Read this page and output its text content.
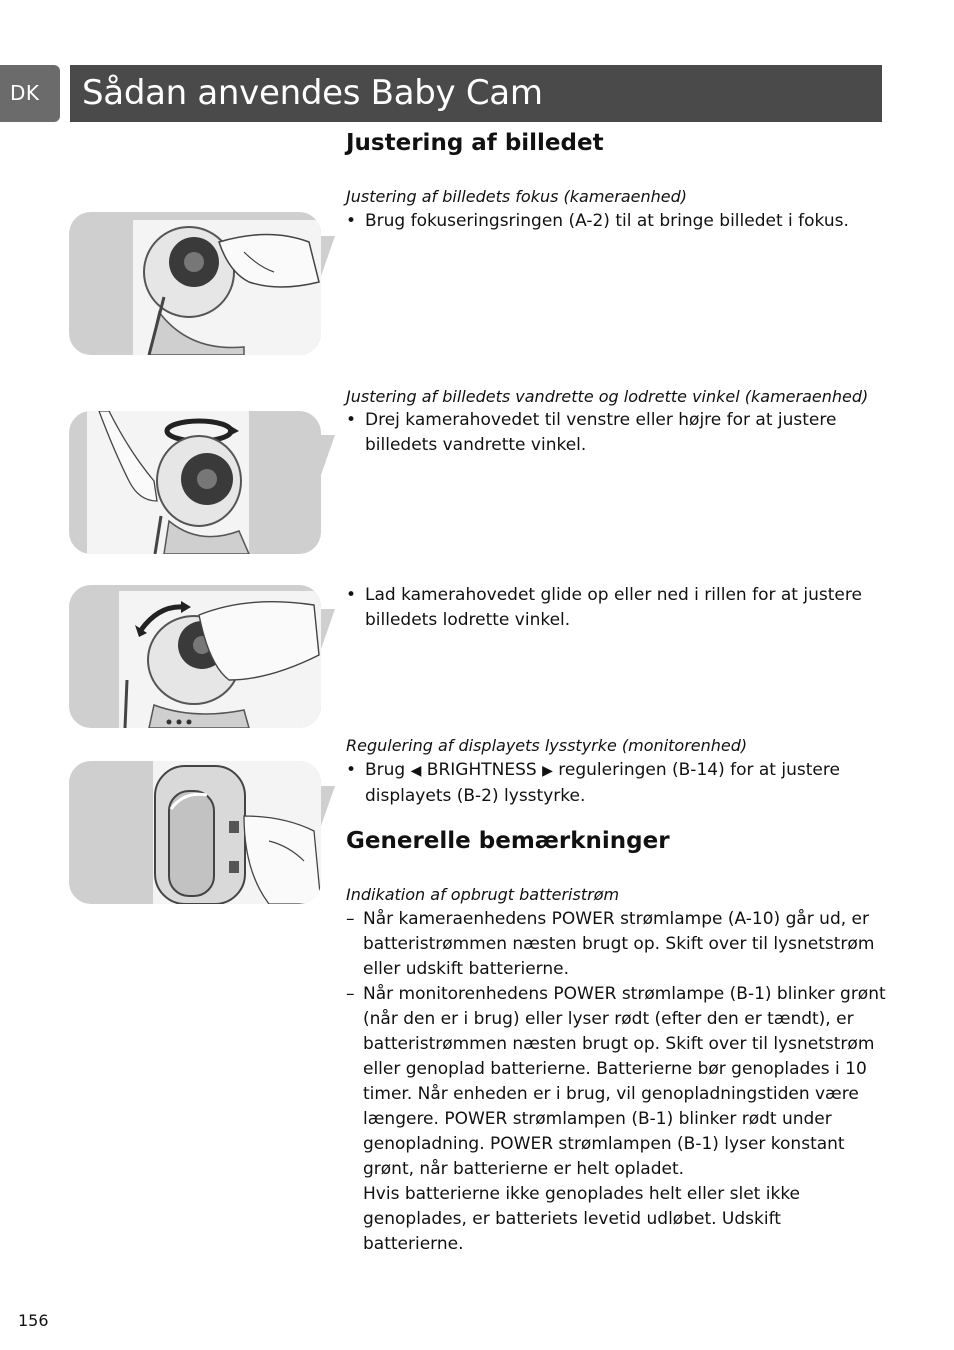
DK Sådan anvendes Baby Cam
Justering af billedet
Justering af billedets fokus (kameraenhed)
• Brug fokuseringsringen (A-2) til at bringe billedet i fokus.
Justering af billedets vandrette og lodrette vinkel (kameraenhed)
• Drej kamerahovedet til venstre eller højre for at justere billedets vandrette vinkel.
• Lad kamerahovedet glide op eller ned i rillen for at justere billedets lodrette vinkel.
Regulering af displayets lysstyrke (monitorenhed)
• Brug ◀ BRIGHTNESS ▶ reguleringen (B-14) for at justere displayets (B-2) lysstyrke.
Generelle bemærkninger
Indikation af opbrugt batteristrøm
– Når kameraenhedens POWER strømlampe (A-10) går ud, er batteristrømmen næsten brugt op. Skift over til lysnetstrøm eller udskift batterierne.
– Når monitorenhedens POWER strømlampe (B-1) blinker grønt (når den er i brug) eller lyser rødt (efter den er tændt), er batteristrømmen næsten brugt op. Skift over til lysnetstrøm eller genoplad batterierne. Batterierne bør genoplades i 10 timer. Når enheden er i brug, vil genopladningstiden være længere. POWER strømlampen (B-1) blinker rødt under genopladning. POWER strømlampen (B-1) lyser konstant grønt, når batterierne er helt opladet.
Hvis batterierne ikke genoplades helt eller slet ikke genoplades, er batteriets levetid udløbet. Udskift batterierne.
156
